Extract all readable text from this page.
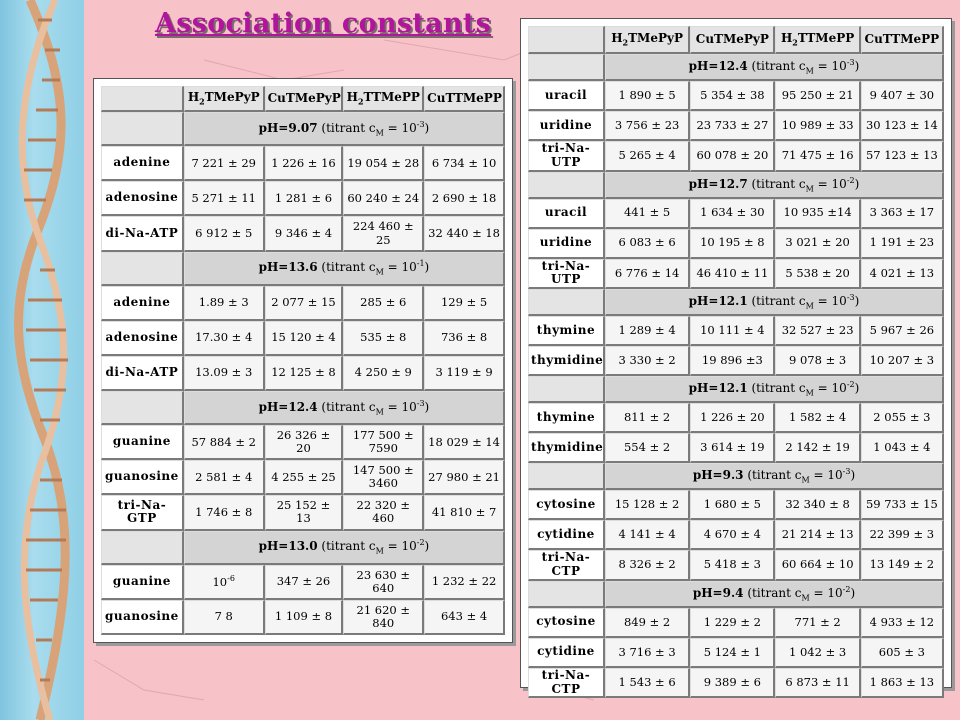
Association constants
	$H_2TMePyP$	CuTMePyP	$H_2TTMePP$	CuTTMePP
	pH=9.07 (titrant $c_M = 10^{-3}$)			
adenine	7 221 ± 29	1 226 ± 16	19 054 ± 28	6 734 ± 10
adenosine	5 271 ± 11	1 281 ± 6	60 240 ± 24	2 690 ± 18
di-Na-ATP	6 912 ± 5	9 346 ± 4	224 460 ± 25	32 440 ± 18
	pH=13.6 (titrant $c_M = 10^{-1}$)			
adenine	1.89 ± 3	2 077 ± 15	285 ± 6	129 ± 5
adenosine	17.30 ± 4	15 120 ± 4	535 ± 8	736 ± 8
di-Na-ATP	13.09 ± 3	12 125 ± 8	4 250 ± 9	3 119 ± 9
	pH=12.4 (titrant $c_M = 10^{-3}$)			
guanine	57 884 ± 2	26 326 ± 20	177 500 ± 7590	18 029 ± 14
guanosine	2 581 ± 4	4 255 ± 25	147 500 ± 3460	27 980 ± 21
tri-Na- GTP	1 746 ± 8	25 152 ± 13	22 320 ± 460	41 810 ± 7
	pH=13.0 (titrant $c_M = 10^{-2}$)			
guanine	$10^{-6}$	347 ± 26	23 630 ± 640	1 232 ± 22
guanosine	7 8	1 109 ± 8	21 620 ± 840	643 ± 4
	$H_2TMePyP$	CuTMePyP	$H_2TTMePP$	CuTTMePP
	pH=12.4 (titrant $c_M = 10^{-3}$)			
uracil	1 890 ± 5	5 354 ± 38	95 250 ± 21	9 407 ± 30
uridine	3 756 ± 23	23 733 ± 27	10 989 ± 33	30 123 ± 14
tri-Na-UTP	5 265 ± 4	60 078 ± 20	71 475 ± 16	57 123 ± 13
	pH=12.7 (titrant $c_M = 10^{-2}$)			
uracil	441 ± 5	1 634 ± 30	10 935 ±14	3 363 ± 17
uridine	6 083 ± 6	10 195 ± 8	3 021 ± 20	1 191 ± 23
tri-Na-UTP	6 776 ± 14	46 410 ± 11	5 538 ± 20	4 021 ± 13
	pH=12.1 (titrant $c_M = 10^{-3}$)			
thymine	1 289 ± 4	10 111 ± 4	32 527 ± 23	5 967 ± 26
thymidine	3 330 ± 2	19 896 ±3	9 078 ± 3	10 207 ± 3
	pH=12.1 (titrant $c_M = 10^{-2}$)			
thymine	811 ± 2	1 226 ± 20	1 582 ± 4	2 055 ± 3
thymidine	554 ± 2	3 614 ± 19	2 142 ± 19	1 043 ± 4
	pH=9.3 (titrant $c_M = 10^{-3}$)			
cytosine	15 128 ± 2	1 680 ± 5	32 340 ± 8	59 733 ± 15
cytidine	4 141 ± 4	4 670 ± 4	21 214 ± 13	22 399 ± 3
tri-Na-CTP	8 326 ± 2	5 418 ± 3	60 664 ± 10	13 149 ± 2
	pH=9.4 (titrant $c_M = 10^{-2}$)			
cytosine	849 ± 2	1 229 ± 2	771 ± 2	4 933 ± 12
cytidine	3 716 ± 3	5 124 ± 1	1 042 ± 3	605 ± 3
tri-Na-CTP	1 543 ± 6	9 389 ± 6	6 873 ± 11	1 863 ± 13
